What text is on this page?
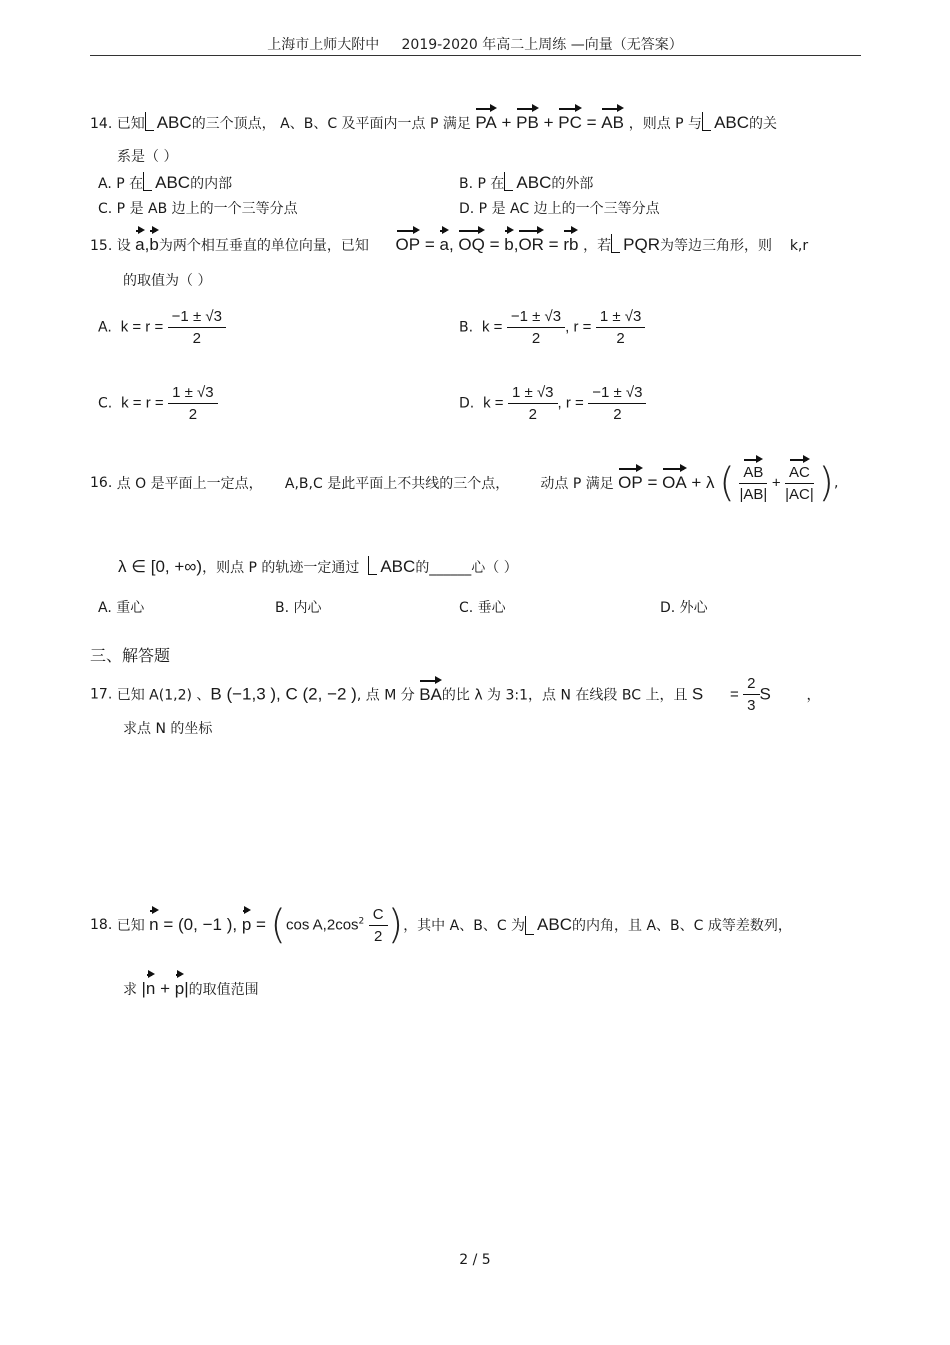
上海市上师大附中 2019-2020 年高二上周练 —向量（无答案）
14. 已知 ABC的三个顶点， A、B、C 及平面内一点 P 满足 PA + PB + PC = AB ，则点 P 与 ABC的关
系是（ ）
A. P 在 ABC的内部	B. P 在 ABC的外部
C. P 是 AB 边上的一个三等分点	D. P 是 AC 边上的一个三等分点
15. 设 a,b为两个相互垂直的单位向量，已知 OP = a, OQ = b,OR = rb ，若 PQR为等边三角形，则 k,r
的取值为（ ）
A. $k = r = \frac{-1 \pm √3}{2}$	B. $k = \frac{-1 \pm √3}{2}$ , $r = \frac{1 \pm √3}{2}$
C. $k = r = \frac{1 \pm √3}{2}$	D. $k = \frac{1 \pm √3}{2}$ , $r = \frac{-1 \pm √3}{2}$
16. 点 O 是平面上一定点， A,B,C 是此平面上不共线的三个点， 动点 P 满足 OP = OA + λ ( $\frac{AB}{|AB|} + \frac{AC}{|AC|}$ ),
λ ∈ [0, +∞)，则点 P 的轨迹一定通过 ABC的______心（ ）
A. 重心	B. 内心	C. 垂心	D. 外心
三、解答题
17. 已知 A(1,2) 、B (−1,3 ), C (2, −2 ), 点 M 分 BA的比 λ 为 3:1，点 N 在线段 BC 上，且 $S = \frac{2}{3}$ S	，
求点 N 的坐标
18. 已知 n = (0, −1 ), p = (cos $A,2\cos^2 \frac{C}{2}$ )，其中 A、B、C 为 ABC的内角，且 A、B、C 成等差数列，
求 |n + p|的取值范围
2 / 5
